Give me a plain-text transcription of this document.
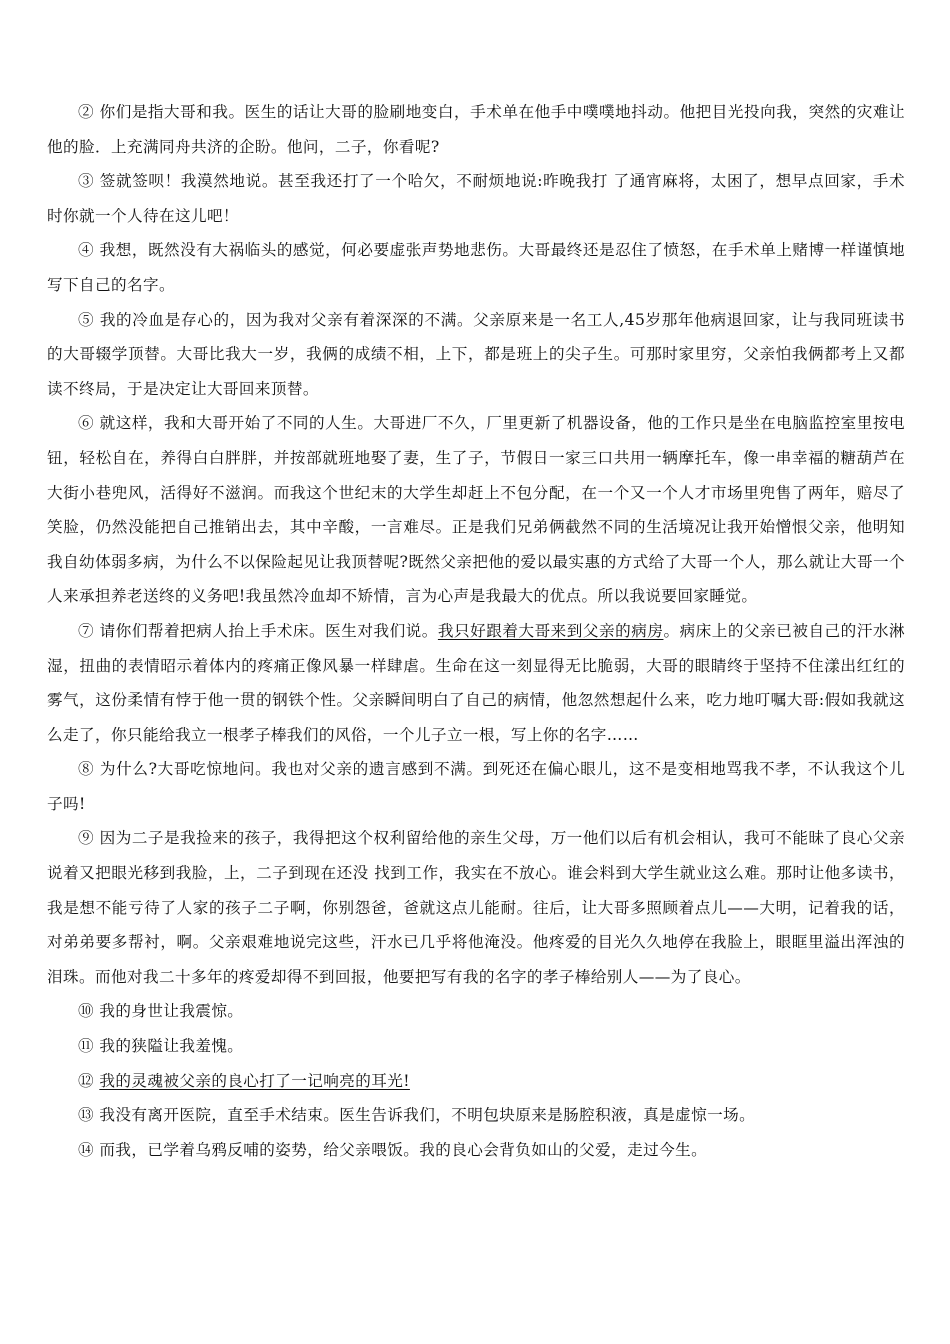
② 你们是指大哥和我。医生的话让大哥的脸刷地变白，手术单在他手中噗噗地抖动。他把目光投向我，突然的灾难让他的脸．上充满同舟共济的企盼。他问，二子，你看呢?

③ 签就签呗！我漠然地说。甚至我还打了一个哈欠，不耐烦地说:昨晚我打 了通宵麻将，太困了，想早点回家，手术时你就一个人待在这儿吧！

④ 我想，既然没有大祸临头的感觉，何必要虚张声势地悲伤。大哥最终还是忍住了愤怒，在手术单上赌博一样谨慎地写下自己的名字。

⑤ 我的冷血是存心的，因为我对父亲有着深深的不满。父亲原来是一名工人,45岁那年他病退回家，让与我同班读书的大哥辍学顶替。大哥比我大一岁，我俩的成绩不相，上下，都是班上的尖子生。可那时家里穷，父亲怕我俩都考上又都读不终局，于是决定让大哥回来顶替。

⑥ 就这样，我和大哥开始了不同的人生。大哥进厂不久，厂里更新了机器设备，他的工作只是坐在电脑监控室里按电钮，轻松自在，养得白白胖胖，并按部就班地娶了妻，生了子，节假日一家三口共用一辆摩托车，像一串幸福的糖葫芦在大街小巷兜风，活得好不滋润。而我这个世纪末的大学生却赶上不包分配，在一个又一个人才市场里兜售了两年，赔尽了笑脸，仍然没能把自己推销出去，其中辛酸，一言难尽。正是我们兄弟俩截然不同的生活境况让我开始憎恨父亲，他明知我自幼体弱多病，为什么不以保险起见让我顶替呢?既然父亲把他的爱以最实惠的方式给了大哥一个人，那么就让大哥一个人来承担养老送终的义务吧!我虽然冷血却不矫情，言为心声是我最大的优点。所以我说要回家睡觉。

⑦ 请你们帮着把病人抬上手术床。医生对我们说。我只好跟着大哥来到父亲的病房。病床上的父亲已被自己的汗水淋湿，扭曲的表情昭示着体内的疼痛正像风暴一样肆虐。生命在这一刻显得无比脆弱，大哥的眼睛终于坚持不住漾出红红的雾气，这份柔情有悖于他一贯的钢铁个性。父亲瞬间明白了自己的病情，他忽然想起什么来，吃力地叮嘱大哥:假如我就这么走了，你只能给我立一根孝子棒我们的风俗，一个儿子立一根，写上你的名字……

⑧ 为什么?大哥吃惊地问。我也对父亲的遗言感到不满。到死还在偏心眼儿，这不是变相地骂我不孝，不认我这个儿子吗!

⑨ 因为二子是我捡来的孩子，我得把这个权利留给他的亲生父母，万一他们以后有机会相认，我可不能昧了良心父亲说着又把眼光移到我脸，上，二子到现在还没 找到工作，我实在不放心。谁会料到大学生就业这么难。那时让他多读书，我是想不能亏待了人家的孩子二子啊，你别怨爸，爸就这点儿能耐。往后，让大哥多照顾着点儿——大明，记着我的话，对弟弟要多帮衬，啊。父亲艰难地说完这些，汗水已几乎将他淹没。他疼爱的目光久久地停在我脸上，眼眶里溢出浑浊的泪珠。而他对我二十多年的疼爱却得不到回报，他要把写有我的名字的孝子棒给别人——为了良心。

⑩ 我的身世让我震惊。

⑪ 我的狭隘让我羞愧。

⑫ 我的灵魂被父亲的良心打了一记响亮的耳光!

⑬ 我没有离开医院，直至手术结束。医生告诉我们，不明包块原来是肠腔积液，真是虚惊一场。

⑭ 而我，已学着乌鸦反哺的姿势，给父亲喂饭。我的良心会背负如山的父爱，走过今生。
